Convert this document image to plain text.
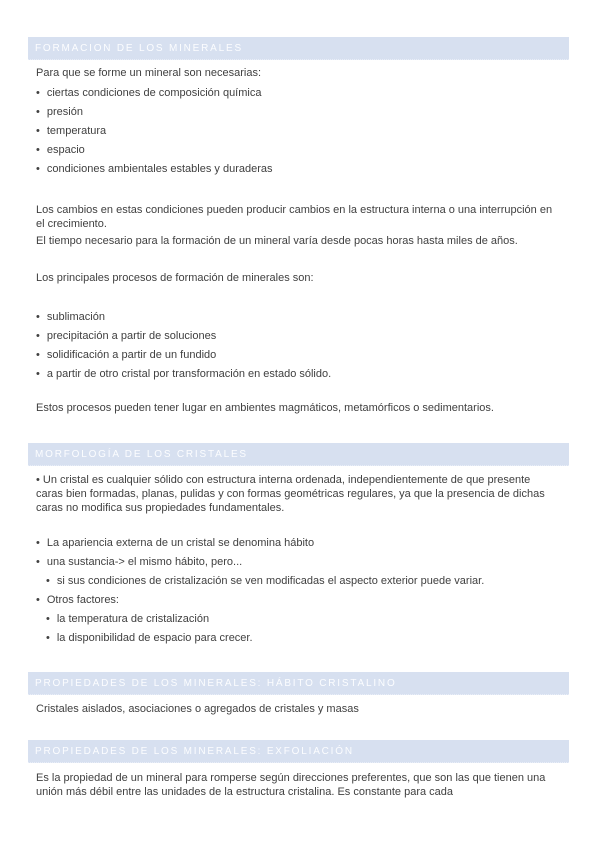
FORMACION DE LOS MINERALES

Para que se forme un mineral son necesarias:

• ciertas condiciones de composición química
• presión
• temperatura
• espacio
• condiciones ambientales estables y duraderas

Los cambios en estas condiciones pueden producir cambios en la estructura interna o una interrupción en el crecimiento.

El tiempo necesario para la formación de un mineral varía desde pocas horas hasta miles de años.

Los principales procesos de formación de minerales son:

• sublimación
• precipitación a partir de soluciones
• solidificación a partir de un fundido
• a partir de otro cristal por transformación en estado sólido.

Estos procesos pueden tener lugar en ambientes magmáticos, metamórficos o sedimentarios.

MORFOLOGÍA DE LOS CRISTALES

• Un cristal es cualquier sólido con estructura interna ordenada, independientemente de que presente caras bien formadas, planas, pulidas y con formas geométricas regulares, ya que la presencia de dichas caras no modifica sus propiedades fundamentales.

• La apariencia externa de un cristal se denomina hábito
• una sustancia-> el mismo hábito, pero...
• si sus condiciones de cristalización se ven modificadas el aspecto exterior puede variar.
• Otros factores:
• la temperatura de cristalización
• la disponibilidad de espacio para crecer.
PROPIEDADES DE LOS MINERALES: HÁBITO CRISTALINO

Cristales aislados, asociaciones o agregados de cristales y masas

PROPIEDADES DE LOS MINERALES: EXFOLIACIÓN

Es la propiedad de un mineral para romperse según direcciones preferentes, que son las que tienen una unión más débil entre las unidades de la estructura cristalina. Es constante para cada
